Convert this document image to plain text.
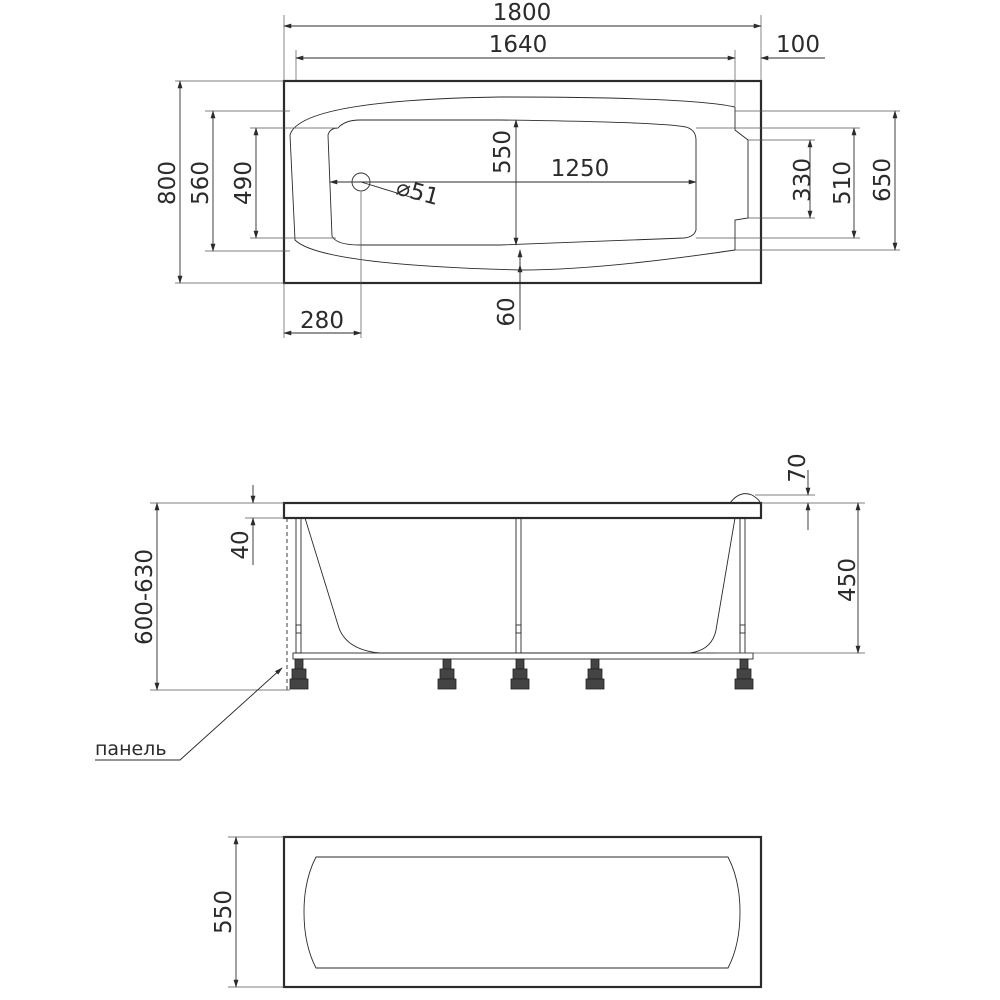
1800
1640	100
800 560 490
550 1250
⌀51	330 510 650
280	60
600-630
40
70
450
панель
550
